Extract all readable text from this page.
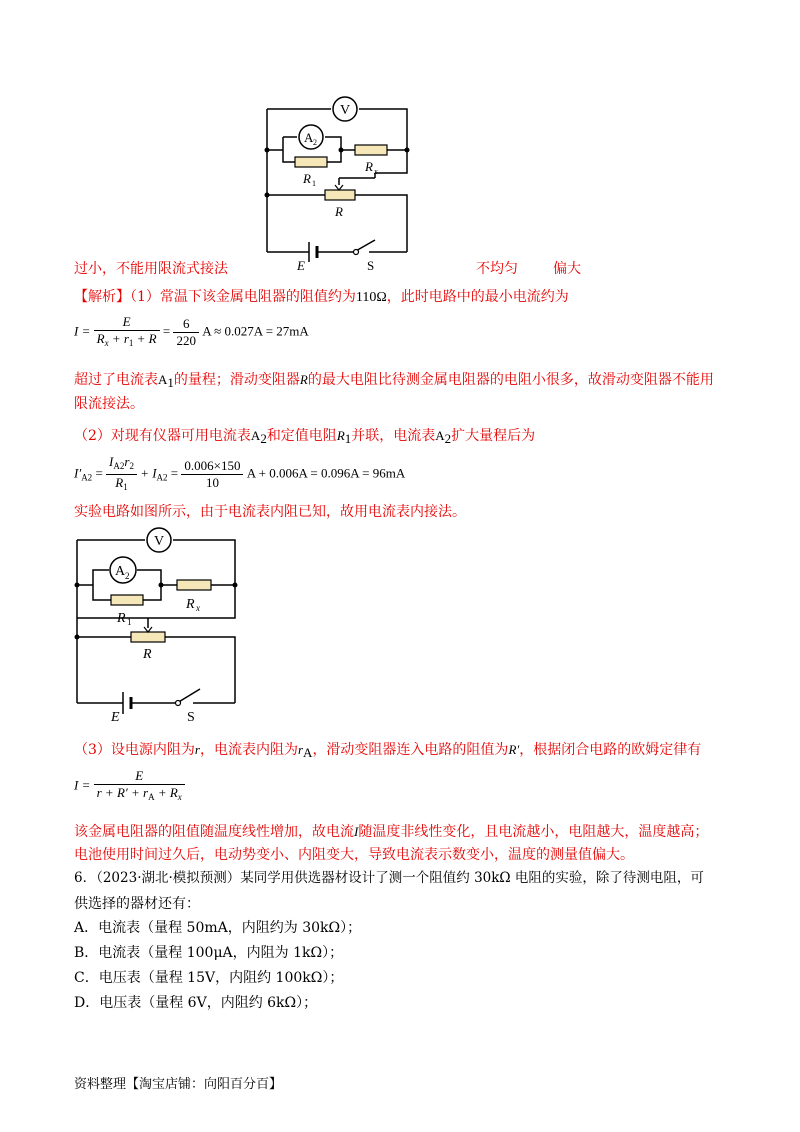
V
A 2
R 1
R x
R
E	S
过小，不能用限流式接法	不均匀	偏大
【解析】（1）常温下该金属电阻器的阻值约为110Ω，此时电路中的最小电流约为
$I = \frac{E}{R_x + r_1 + R} = \frac{6}{220}$ A ≈ 0.027A = 27mA
超过了电流表$A_1$的量程；滑动变阻器R的最大电阻比待测金属电阻器的电阻小很多，故滑动变阻器不能用
限流接法。
（2）对现有仪器可用电流表$A_2$和定值电阻$R_1$并联，电流表$A_2$扩大量程后为
$I'_{A2} = \frac{I_{A2}r_2}{R_1} + I_{A2} = \frac{0.006\times 150}{10}$ A + 0.006A = 0.096A = 96mA
实验电路如图所示，由于电流表内阻已知，故用电流表内接法。
V
A 2
R 1
R x
R
E	S
（3）设电源内阻为r，电流表内阻为$r_A$，滑动变阻器连入电路的阻值为R′，根据闭合电路的欧姆定律有
$I = \frac{E}{r + R' + r_A + R_x}$
该金属电阻器的阻值随温度线性增加，故电流I随温度非线性变化，且电流越小，电阻越大，温度越高；
电池使用时间过久后，电动势变小、内阻变大，导致电流表示数变小，温度的测量值偏大。
6．（2023·湖北·模拟预测）某同学用供选器材设计了测一个阻值约 30kΩ 电阻的实验，除了待测电阻，可
供选择的器材还有：
A．电流表（量程 50mA，内阻约为 30kΩ）；
B．电流表（量程 100μA，内阻为 1kΩ）；
C．电压表（量程 15V，内阻约 100kΩ）；
D．电压表（量程 6V，内阻约 6kΩ）；
资料整理【淘宝店铺：向阳百分百】
